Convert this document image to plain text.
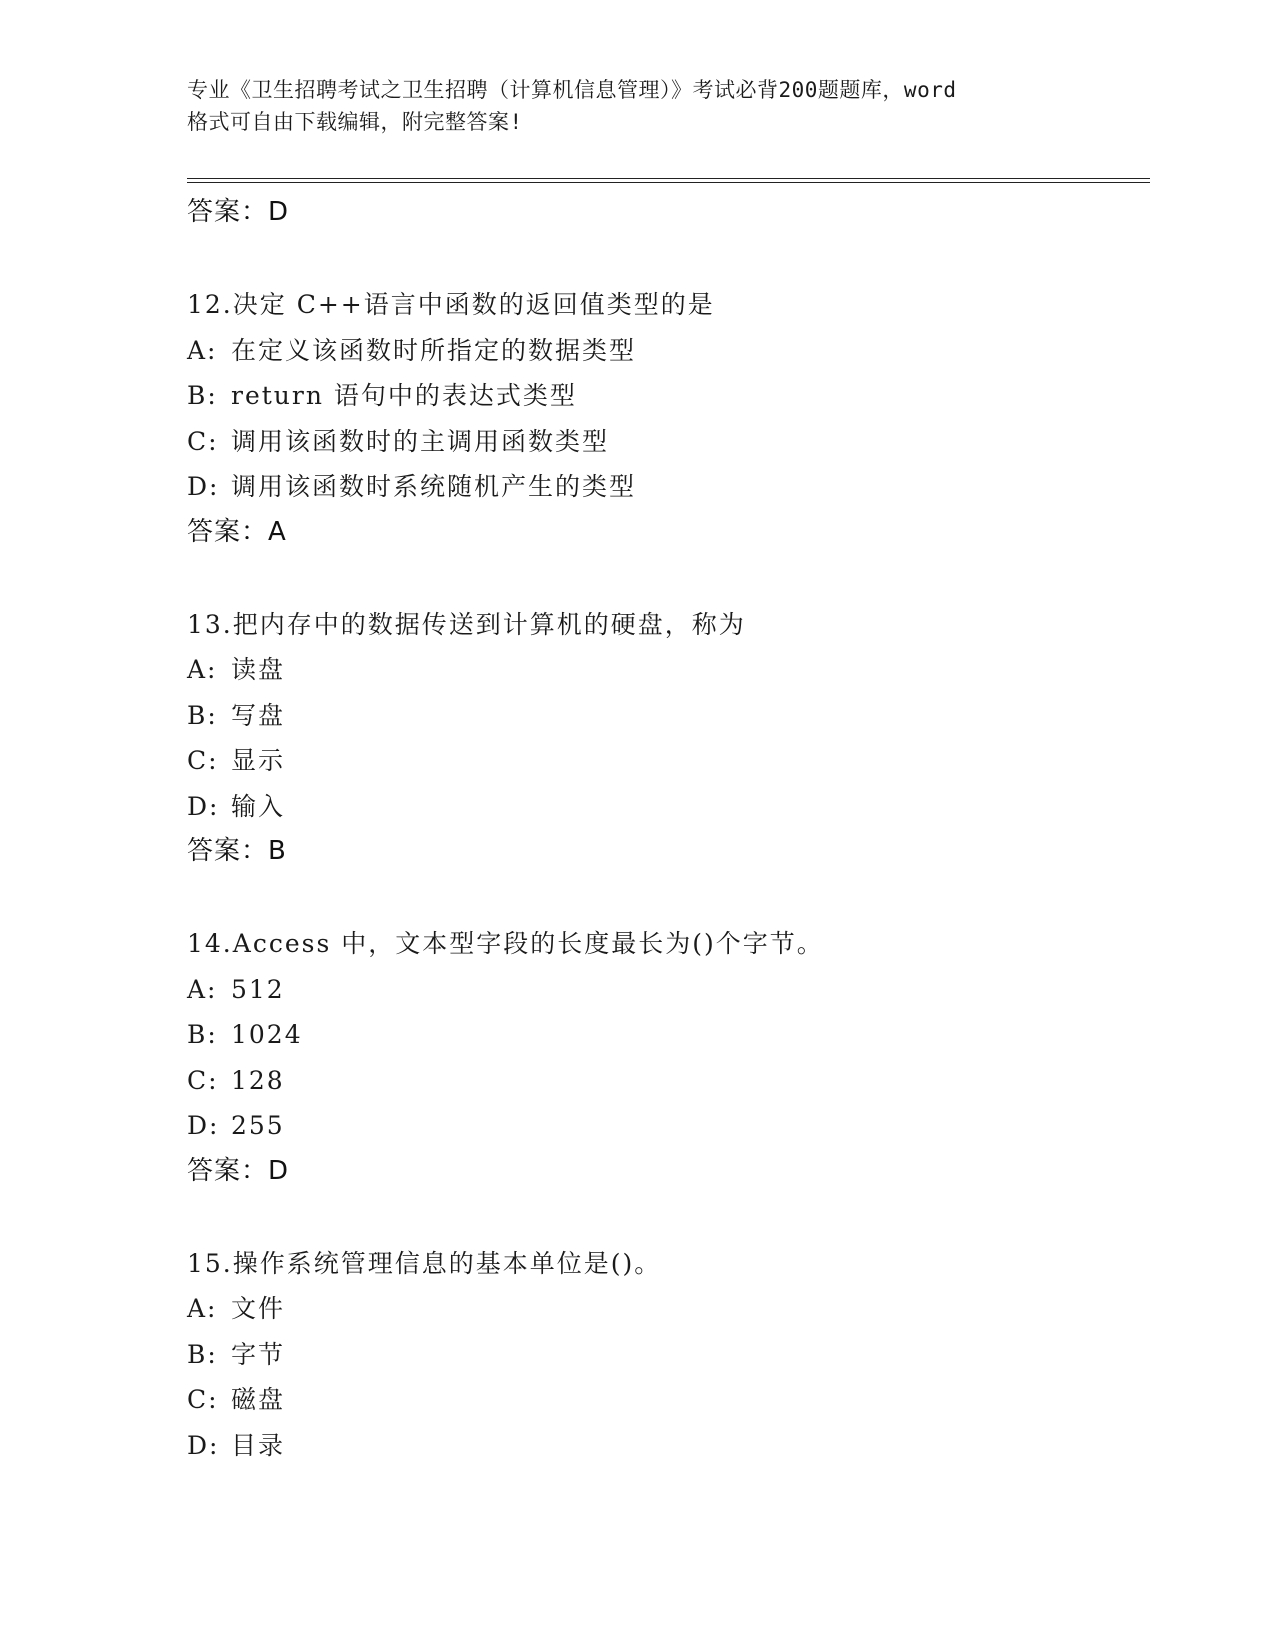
专业《卫生招聘考试之卫生招聘（计算机信息管理）》考试必背200题题库，word
格式可自由下载编辑，附完整答案!
答案：D
12.决定 C++语言中函数的返回值类型的是
A: 在定义该函数时所指定的数据类型
B: return 语句中的表达式类型
C: 调用该函数时的主调用函数类型
D: 调用该函数时系统随机产生的类型
答案：A
13.把内存中的数据传送到计算机的硬盘，称为
A: 读盘
B: 写盘
C: 显示
D: 输入
答案：B
14.Access 中，文本型字段的长度最长为()个字节。
A: 512
B: 1024
C: 128
D: 255
答案：D
15.操作系统管理信息的基本单位是()。
A: 文件
B: 字节
C: 磁盘
D: 目录
